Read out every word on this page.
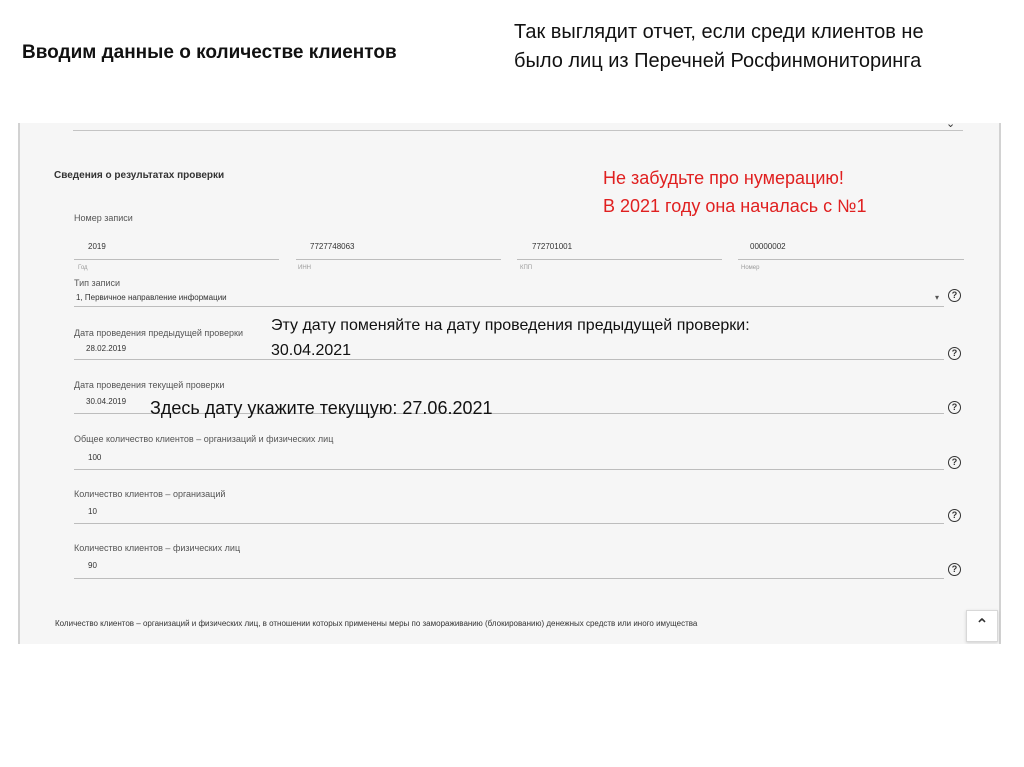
Вводим данные о количестве клиентов
Так выглядит отчет, если среди клиентов не
было лиц из Перечней Росфинмониторинга
⌄
Сведения о результатах проверки
Номер записи
2019
Год
7727748063
ИНН
772701001
КПП
00000002
Номер
Тип записи
1, Первичное направление информации	▾	?
Дата проведения предыдущей проверки
28.02.2019	?
Дата проведения текущей проверки
30.04.2019
?
Общее количество клиентов – организаций и физических лиц
100	?
Количество клиентов – организаций
10	?
Количество клиентов – физических лиц
90	?
Количество клиентов – организаций и физических лиц, в отношении которых применены меры по замораживанию (блокированию) денежных средств или иного имущества	⌃
Не забудьте про нумерацию!
В 2021 году она началась с №1
Эту дату поменяйте на дату проведения предыдущей проверки:
30.04.2021
Здесь дату укажите текущую: 27.06.2021
